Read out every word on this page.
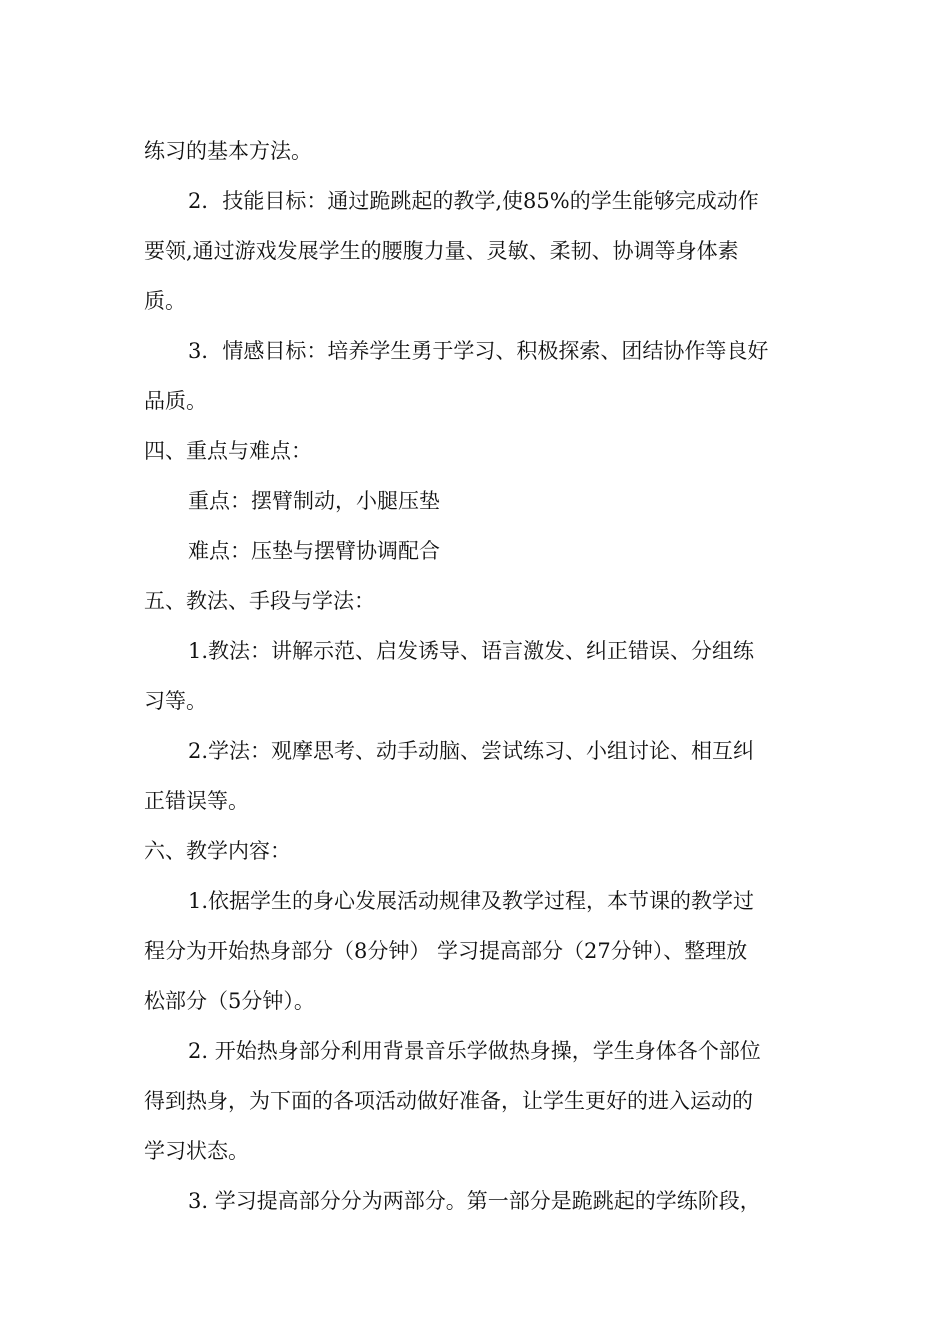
练习的基本方法。
2．技能目标：通过跪跳起的教学,使85%的学生能够完成动作
要领,通过游戏发展学生的腰腹力量、灵敏、柔韧、协调等身体素
质。
3．情感目标：培养学生勇于学习、积极探索、团结协作等良好
品质。
四、重点与难点：
重点：摆臂制动，小腿压垫
难点：压垫与摆臂协调配合
五、教法、手段与学法：
1.教法：讲解示范、启发诱导、语言激发、纠正错误、分组练
习等。
2.学法：观摩思考、动手动脑、尝试练习、小组讨论、相互纠
正错误等。
六、教学内容：
1.依据学生的身心发展活动规律及教学过程，本节课的教学过
程分为开始热身部分（8分钟） 学习提高部分（27分钟）、整理放
松部分（5分钟）。
2. 开始热身部分利用背景音乐学做热身操，学生身体各个部位
得到热身，为下面的各项活动做好准备，让学生更好的进入运动的
学习状态。
3. 学习提高部分分为两部分。第一部分是跪跳起的学练阶段，
